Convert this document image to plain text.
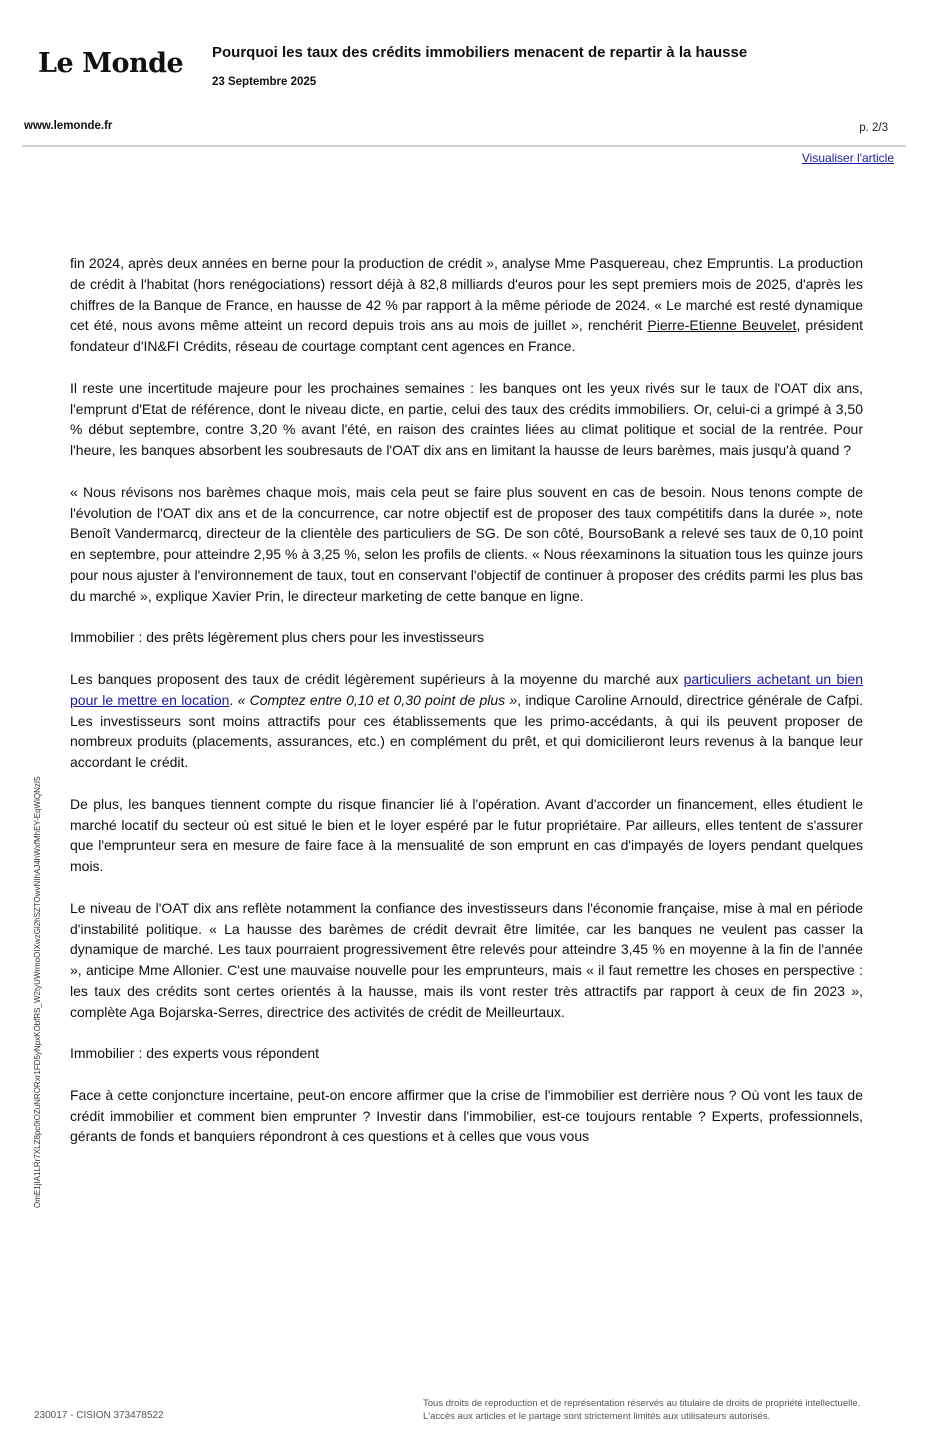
Le Monde Pourquoi les taux des crédits immobiliers menacent de repartir à la hausse
23 Septembre 2025
www.lemonde.fr	p. 2/3
Visualiser l'article

fin 2024, après deux années en berne pour la production de crédit », analyse Mme Pasquereau, chez Empruntis. La production de crédit à l'habitat (hors renégociations) ressort déjà à 82,8 milliards d'euros pour les sept premiers mois de 2025, d'après les chiffres de la Banque de France, en hausse de 42 % par rapport à la même période de 2024. « Le marché est resté dynamique cet été, nous avons même atteint un record depuis trois ans au mois de juillet », renchérit Pierre-Etienne Beuvelet, président fondateur d'IN&FI Crédits, réseau de courtage comptant cent agences en France.

Il reste une incertitude majeure pour les prochaines semaines : les banques ont les yeux rivés sur le taux de l'OAT dix ans, l'emprunt d'Etat de référence, dont le niveau dicte, en partie, celui des taux des crédits immobiliers. Or, celui-ci a grimpé à 3,50 % début septembre, contre 3,20 % avant l'été, en raison des craintes liées au climat politique et social de la rentrée. Pour l'heure, les banques absorbent les soubresauts de l'OAT dix ans en limitant la hausse de leurs barèmes, mais jusqu'à quand ?

« Nous révisons nos barèmes chaque mois, mais cela peut se faire plus souvent en cas de besoin. Nous tenons compte de l'évolution de l'OAT dix ans et de la concurrence, car notre objectif est de proposer des taux compétitifs dans la durée », note Benoît Vandermarcq, directeur de la clientèle des particuliers de SG. De son côté, BoursoBank a relevé ses taux de 0,10 point en septembre, pour atteindre 2,95 % à 3,25 %, selon les profils de clients. « Nous réexaminons la situation tous les quinze jours pour nous ajuster à l'environnement de taux, tout en conservant l'objectif de continuer à proposer des crédits parmi les plus bas du marché », explique Xavier Prin, le directeur marketing de cette banque en ligne.

Immobilier : des prêts légèrement plus chers pour les investisseurs

Les banques proposent des taux de crédit légèrement supérieurs à la moyenne du marché aux particuliers achetant un bien pour le mettre en location. « Comptez entre 0,10 et 0,30 point de plus », indique Caroline Arnould, directrice générale de Cafpi. Les investisseurs sont moins attractifs pour ces établissements que les primo-accédants, à qui ils peuvent proposer de nombreux produits (placements, assurances, etc.) en complément du prêt, et qui domicilieront leurs revenus à la banque leur accordant le crédit.

De plus, les banques tiennent compte du risque financier lié à l'opération. Avant d'accorder un financement, elles étudient le marché locatif du secteur où est situé le bien et le loyer espéré par le futur propriétaire. Par ailleurs, elles tentent de s'assurer que l'emprunteur sera en mesure de faire face à la mensualité de son emprunt en cas d'impayés de loyers pendant quelques mois.

Le niveau de l'OAT dix ans reflète notamment la confiance des investisseurs dans l'économie française, mise à mal en période d'instabilité politique. « La hausse des barèmes de crédit devrait être limitée, car les banques ne veulent pas casser la dynamique de marché. Les taux pourraient progressivement être relevés pour atteindre 3,45 % en moyenne à la fin de l'année », anticipe Mme Allonier. C'est une mauvaise nouvelle pour les emprunteurs, mais « il faut remettre les choses en perspective : les taux des crédits sont certes orientés à la hausse, mais ils vont rester très attractifs par rapport à ceux de fin 2023 », complète Aga Bojarska-Serres, directrice des activités de crédit de Meilleurtaux.

Immobilier : des experts vous répondent

Face à cette conjoncture incertaine, peut-on encore affirmer que la crise de l'immobilier est derrière nous ? Où vont les taux de crédit immobilier et comment bien emprunter ? Investir dans l'immobilier, est-ce toujours rentable ? Experts, professionnels, gérants de fonds et banquiers répondront à ces questions et à celles que vous vous

OmE1jIA1LRr7XLZ8pc0iOZuNRORxr1FD5yNpxKObfRS_W2tyUWrmoOIXwzGl2hSZTOwvNIhAJ4hWxfMhEY-EqWiQNzI5
230017 - CISION 373478522
Tous droits de reproduction et de représentation réservés au titulaire de droits de propriété intellectuelle.
L'accès aux articles et le partage sont strictement limités aux utilisateurs autorisés.
